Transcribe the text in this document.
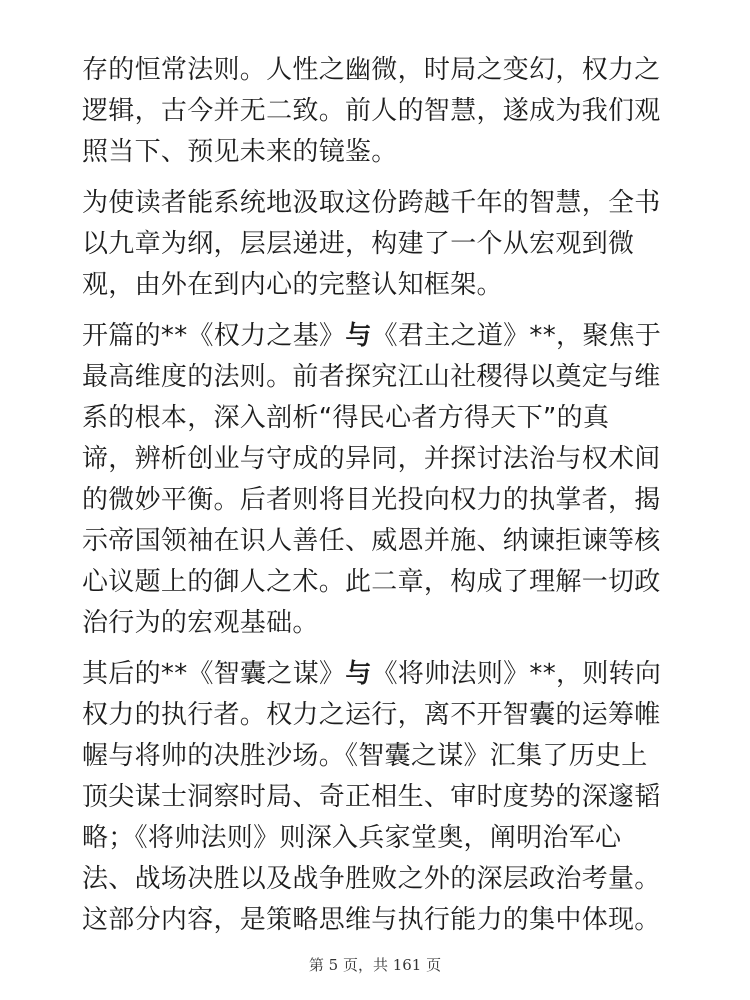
存的恒常法则。人性之幽微，时局之变幻，权力之
逻辑，古今并无二致。前人的智慧，遂成为我们观
照当下、预见未来的镜鉴。

为使读者能系统地汲取这份跨越千年的智慧，全书
以九章为纲，层层递进，构建了一个从宏观到微
观，由外在到内心的完整认知框架。

开篇的**《权力之基》与《君主之道》**，聚焦于
最高维度的法则。前者探究江山社稷得以奠定与维
系的根本，深入剖析“得民心者方得天下”的真
谛，辨析创业与守成的异同，并探讨法治与权术间
的微妙平衡。后者则将目光投向权力的执掌者，揭
示帝国领袖在识人善任、威恩并施、纳谏拒谏等核
心议题上的御人之术。此二章，构成了理解一切政
治行为的宏观基础。

其后的**《智囊之谋》与《将帅法则》**，则转向
权力的执行者。权力之运行，离不开智囊的运筹帷
幄与将帅的决胜沙场。《智囊之谋》汇集了历史上
顶尖谋士洞察时局、奇正相生、审时度势的深邃韬
略；《将帅法则》则深入兵家堂奥，阐明治军心
法、战场决胜以及战争胜败之外的深层政治考量。
这部分内容，是策略思维与执行能力的集中体现。

第 5 页，共 161 页
